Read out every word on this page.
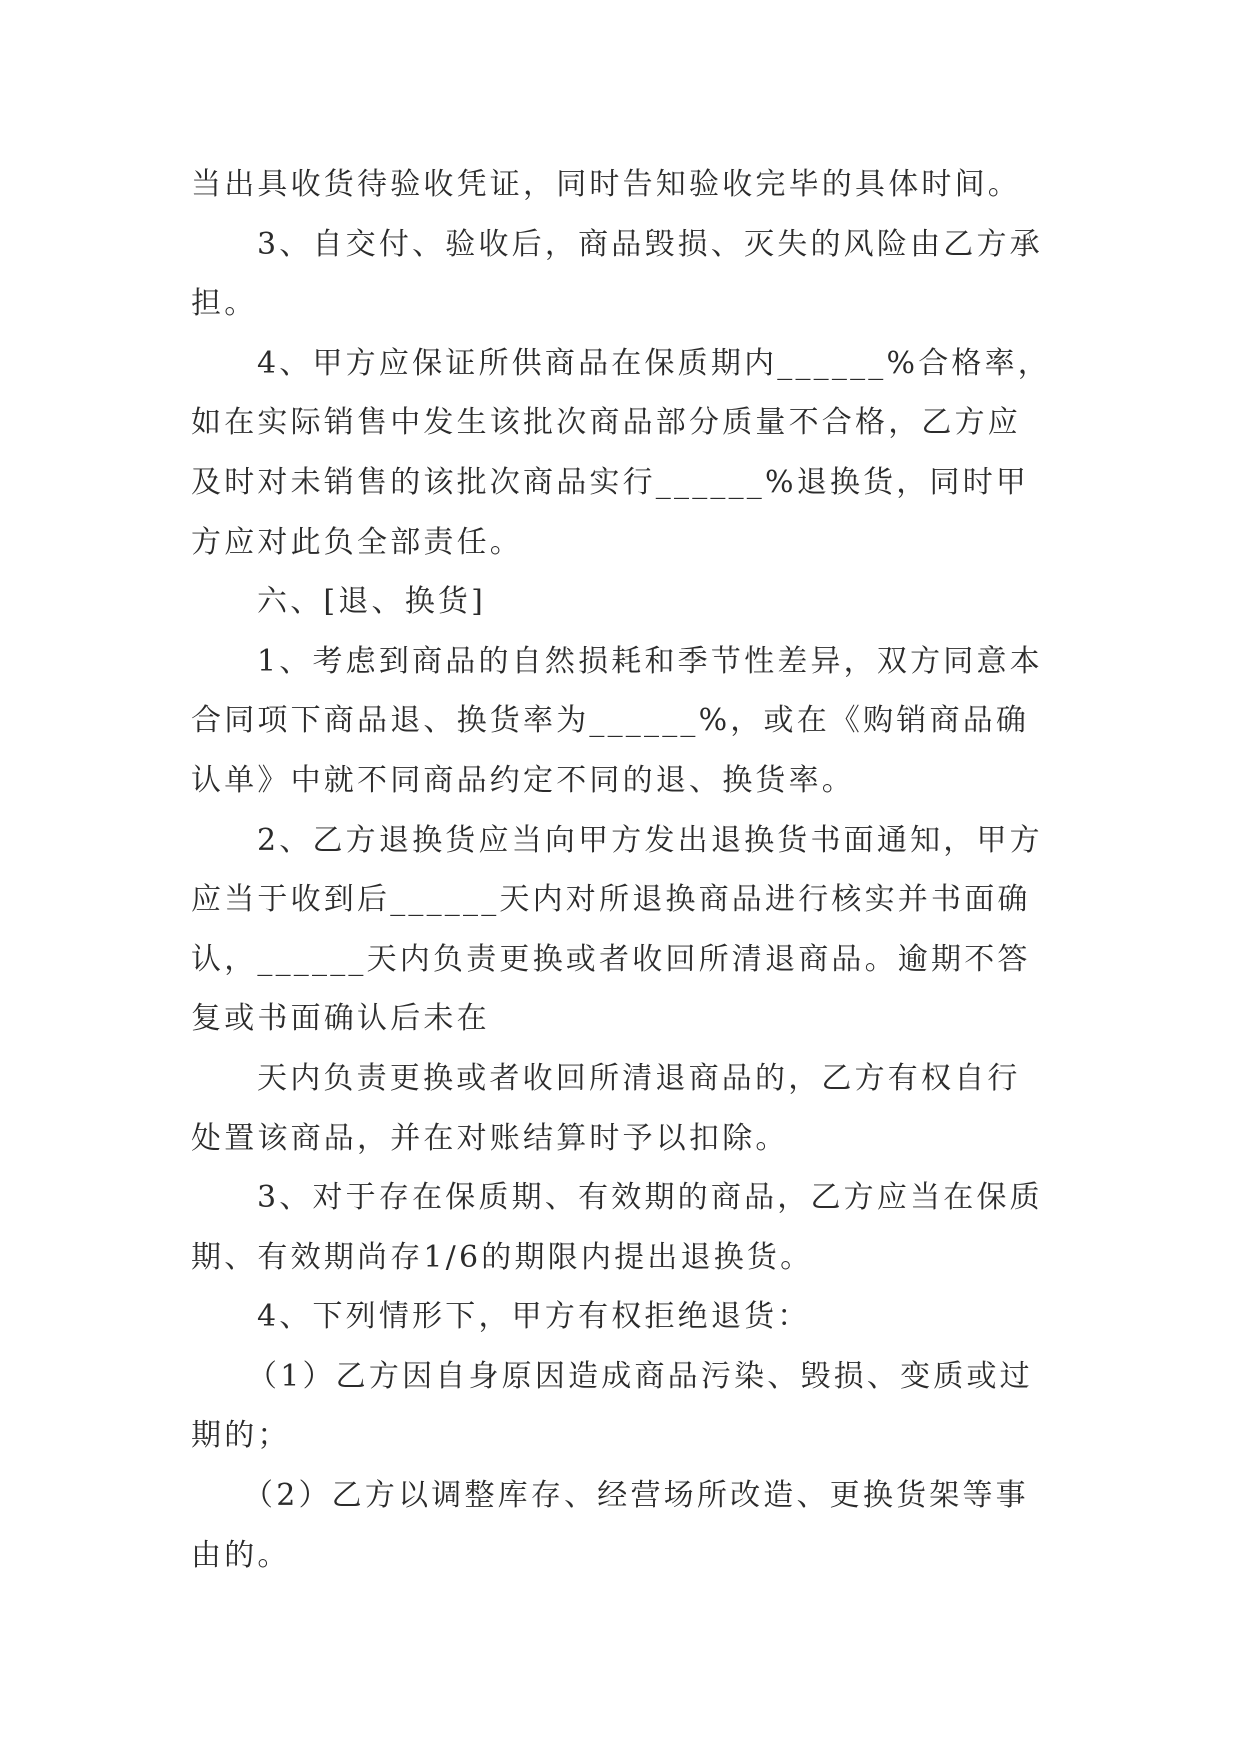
当出具收货待验收凭证，同时告知验收完毕的具体时间。

3、自交付、验收后，商品毁损、灭失的风险由乙方承担。

4、甲方应保证所供商品在保质期内______%合格率，如在实际销售中发生该批次商品部分质量不合格，乙方应及时对未销售的该批次商品实行______%退换货，同时甲方应对此负全部责任。

六、[退、换货]

1、考虑到商品的自然损耗和季节性差异，双方同意本合同项下商品退、换货率为______%，或在《购销商品确认单》中就不同商品约定不同的退、换货率。

2、乙方退换货应当向甲方发出退换货书面通知，甲方应当于收到后______天内对所退换商品进行核实并书面确认，______天内负责更换或者收回所清退商品。逾期不答复或书面确认后未在

天内负责更换或者收回所清退商品的，乙方有权自行处置该商品，并在对账结算时予以扣除。

3、对于存在保质期、有效期的商品，乙方应当在保质期、有效期尚存1/6的期限内提出退换货。

4、下列情形下，甲方有权拒绝退货：

（1）乙方因自身原因造成商品污染、毁损、变质或过期的；

（2）乙方以调整库存、经营场所改造、更换货架等事由的。
